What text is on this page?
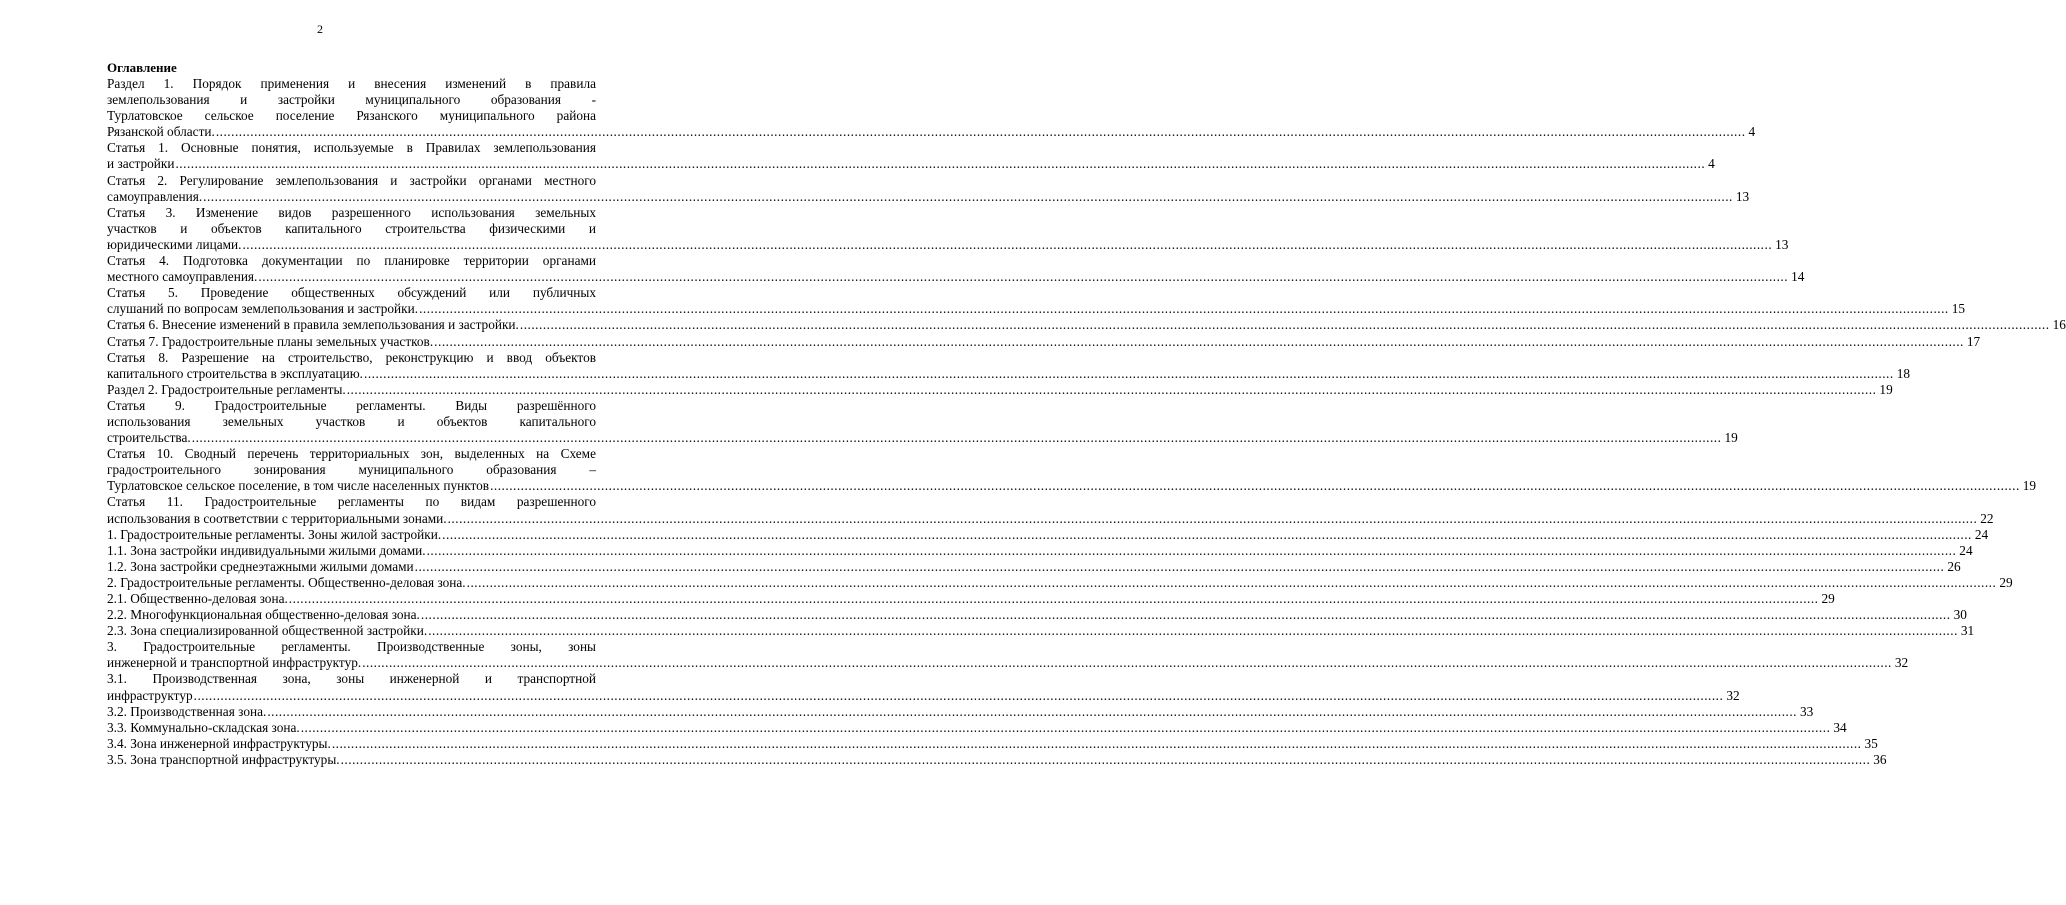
2
Оглавление
Раздел 1. Порядок применения и внесения изменений в правила
землепользования и застройки муниципального образования -
Турлатовское сельское поселение Рязанского муниципального района
Рязанской области. ................................................................................................................................................................................................................................................................................................................................................................................................................ 4
Статья 1. Основные понятия, используемые в Правилах землепользования
и застройки ................................................................................................................................................................................................................................................................................................................................................................................................................ 4
Статья 2. Регулирование землепользования и застройки органами местного
самоуправления. ................................................................................................................................................................................................................................................................................................................................................................................................................ 13
Статья 3. Изменение видов разрешенного использования земельных
участков и объектов капитального строительства физическими и
юридическими лицами. ................................................................................................................................................................................................................................................................................................................................................................................................................ 13
Статья 4. Подготовка документации по планировке территории органами
местного самоуправления. ................................................................................................................................................................................................................................................................................................................................................................................................................ 14
Статья 5. Проведение общественных обсуждений или публичных
слушаний по вопросам землепользования и застройки. ................................................................................................................................................................................................................................................................................................................................................................................................................ 15
Статья 6. Внесение изменений в правила землепользования и застройки. ................................................................................................................................................................................................................................................................................................................................................................................................................ 16
Статья 7. Градостроительные планы земельных участков. ................................................................................................................................................................................................................................................................................................................................................................................................................ 17
Статья 8. Разрешение на строительство, реконструкцию и ввод объектов
капитального строительства в эксплуатацию. ................................................................................................................................................................................................................................................................................................................................................................................................................ 18
Раздел 2. Градостроительные регламенты. ................................................................................................................................................................................................................................................................................................................................................................................................................ 19
Статья 9. Градостроительные регламенты. Виды разрешённого
использования земельных участков и объектов капитального
строительства. ................................................................................................................................................................................................................................................................................................................................................................................................................ 19
Статья 10. Сводный перечень территориальных зон, выделенных на Схеме
градостроительного зонирования муниципального образования –
Турлатовское сельское поселение, в том числе населенных пунктов ................................................................................................................................................................................................................................................................................................................................................................................................................ 19
Статья 11. Градостроительные регламенты по видам разрешенного
использования в соответствии с территориальными зонами. ................................................................................................................................................................................................................................................................................................................................................................................................................ 22
1. Градостроительные регламенты. Зоны жилой застройки. ................................................................................................................................................................................................................................................................................................................................................................................................................ 24
1.1. Зона застройки индивидуальными жилыми домами. ................................................................................................................................................................................................................................................................................................................................................................................................................ 24
1.2. Зона застройки среднеэтажными жилыми домами ................................................................................................................................................................................................................................................................................................................................................................................................................ 26
2. Градостроительные регламенты. Общественно-деловая зона. ................................................................................................................................................................................................................................................................................................................................................................................................................ 29
2.1. Общественно-деловая зона. ................................................................................................................................................................................................................................................................................................................................................................................................................ 29
2.2. Многофункциональная общественно-деловая зона. ................................................................................................................................................................................................................................................................................................................................................................................................................ 30
2.3. Зона специализированной общественной застройки. ................................................................................................................................................................................................................................................................................................................................................................................................................ 31
3. Градостроительные регламенты. Производственные зоны, зоны
инженерной и транспортной инфраструктур. ................................................................................................................................................................................................................................................................................................................................................................................................................ 32
3.1. Производственная зона, зоны инженерной и транспортной
инфраструктур ................................................................................................................................................................................................................................................................................................................................................................................................................ 32
3.2. Производственная зона. ................................................................................................................................................................................................................................................................................................................................................................................................................ 33
3.3. Коммунально-складская зона. ................................................................................................................................................................................................................................................................................................................................................................................................................ 34
3.4. Зона инженерной инфраструктуры. ................................................................................................................................................................................................................................................................................................................................................................................................................ 35
3.5. Зона транспортной инфраструктуры. ................................................................................................................................................................................................................................................................................................................................................................................................................ 36
